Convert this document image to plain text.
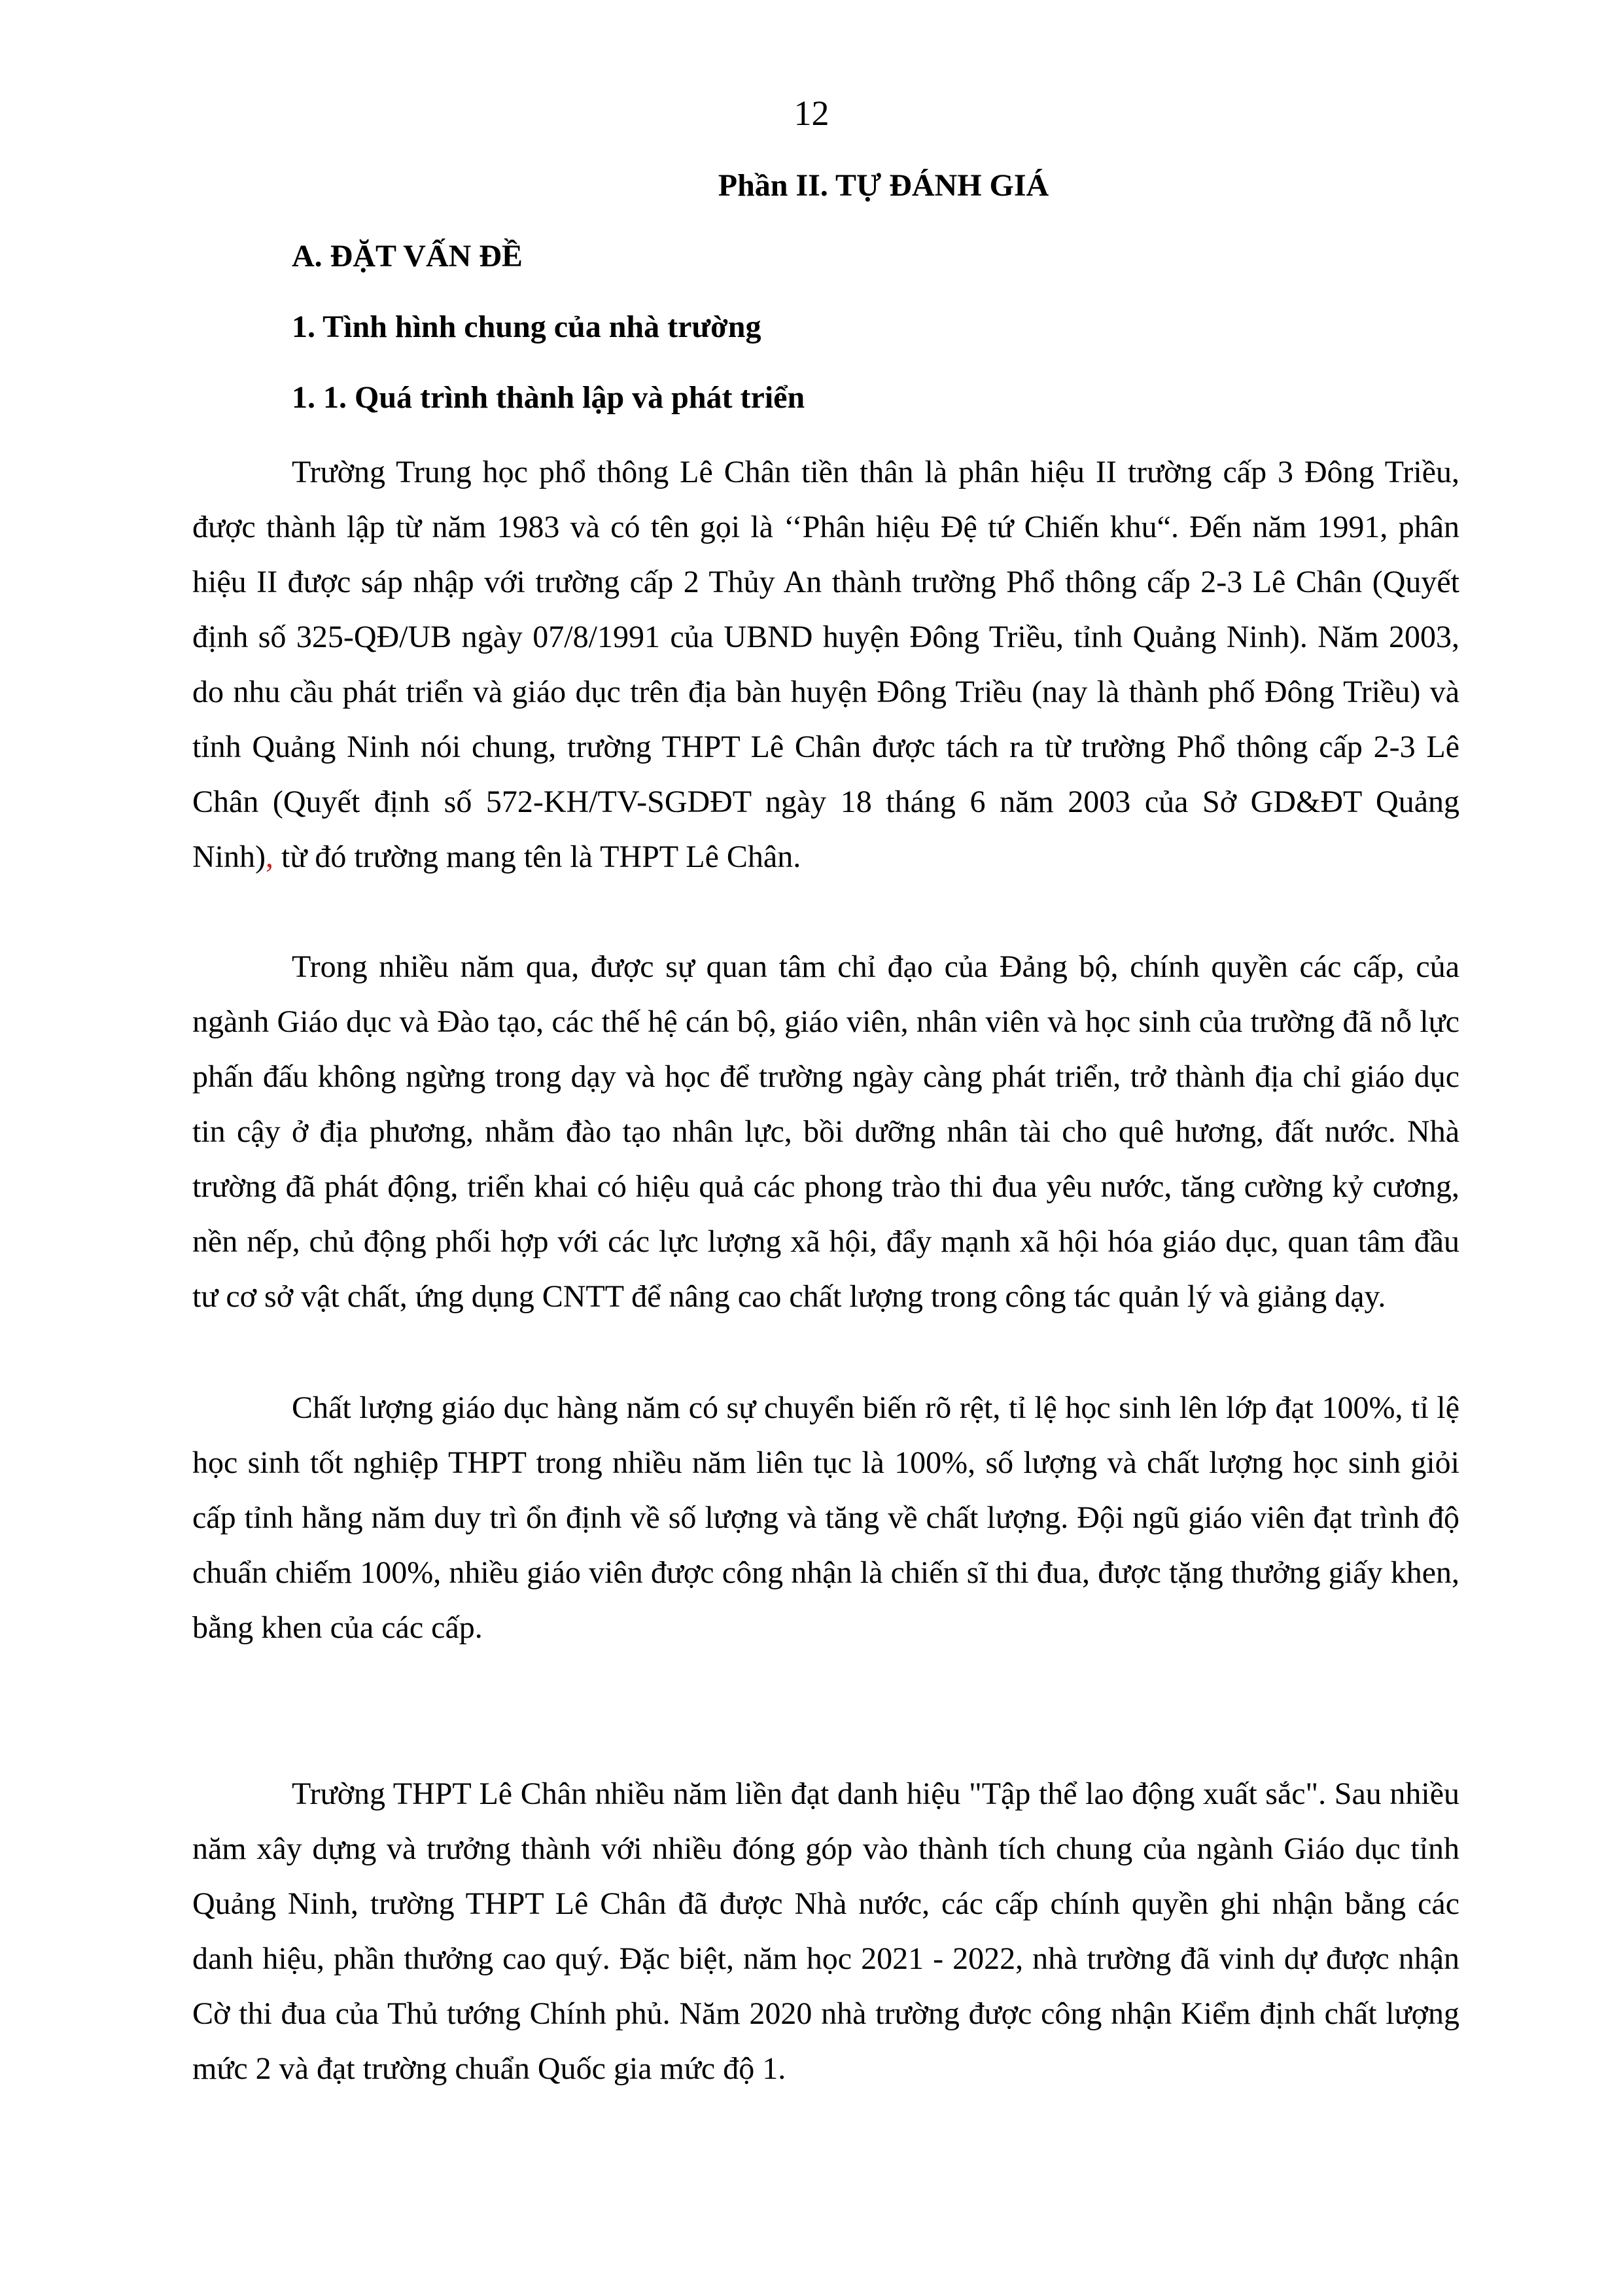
12
Phần II. TỰ ĐÁNH GIÁ
A. ĐẶT VẤN ĐỀ
1. Tình hình chung của nhà trường
1. 1. Quá trình thành lập và phát triển

Trường Trung học phổ thông Lê Chân tiền thân là phân hiệu II trường cấp 3 Đông Triều, được thành lập từ năm 1983 và có tên gọi là ‘‘Phân hiệu Đệ tứ Chiến khu“. Đến năm 1991, phân hiệu II được sáp nhập với trường cấp 2 Thủy An thành trường Phổ thông cấp 2-3 Lê Chân (Quyết định số 325-QĐ/UB ngày 07/8/1991 của UBND huyện Đông Triều, tỉnh Quảng Ninh). Năm 2003, do nhu cầu phát triển và giáo dục trên địa bàn huyện Đông Triều (nay là thành phố Đông Triều) và tỉnh Quảng Ninh nói chung, trường THPT Lê Chân được tách ra từ trường Phổ thông cấp 2-3 Lê Chân (Quyết định số 572-KH/TV-SGDĐT ngày 18 tháng 6 năm 2003 của Sở GD&ĐT Quảng Ninh), từ đó trường mang tên là THPT Lê Chân.

Trong nhiều năm qua, được sự quan tâm chỉ đạo của Đảng bộ, chính quyền các cấp, của ngành Giáo dục và Đào tạo, các thế hệ cán bộ, giáo viên, nhân viên và học sinh của trường đã nỗ lực phấn đấu không ngừng trong dạy và học để trường ngày càng phát triển, trở thành địa chỉ giáo dục tin cậy ở địa phương, nhằm đào tạo nhân lực, bồi dưỡng nhân tài cho quê hương, đất nước. Nhà trường đã phát động, triển khai có hiệu quả các phong trào thi đua yêu nước, tăng cường kỷ cương, nền nếp, chủ động phối hợp với các lực lượng xã hội, đẩy mạnh xã hội hóa giáo dục, quan tâm đầu tư cơ sở vật chất, ứng dụng CNTT để nâng cao chất lượng trong công tác quản lý và giảng dạy.

Chất lượng giáo dục hàng năm có sự chuyển biến rõ rệt, tỉ lệ học sinh lên lớp đạt 100%, tỉ lệ học sinh tốt nghiệp THPT trong nhiều năm liên tục là 100%, số lượng và chất lượng học sinh giỏi cấp tỉnh hằng năm duy trì ổn định về số lượng và tăng về chất lượng. Đội ngũ giáo viên đạt trình độ chuẩn chiếm 100%, nhiều giáo viên được công nhận là chiến sĩ thi đua, được tặng thưởng giấy khen, bằng khen của các cấp.

Trường THPT Lê Chân nhiều năm liền đạt danh hiệu "Tập thể lao động xuất sắc". Sau nhiều năm xây dựng và trưởng thành với nhiều đóng góp vào thành tích chung của ngành Giáo dục tỉnh Quảng Ninh, trường THPT Lê Chân đã được Nhà nước, các cấp chính quyền ghi nhận bằng các danh hiệu, phần thưởng cao quý. Đặc biệt, năm học 2021 - 2022, nhà trường đã vinh dự được nhận Cờ thi đua của Thủ tướng Chính phủ. Năm 2020 nhà trường được công nhận Kiểm định chất lượng mức 2 và đạt trường chuẩn Quốc gia mức độ 1.
